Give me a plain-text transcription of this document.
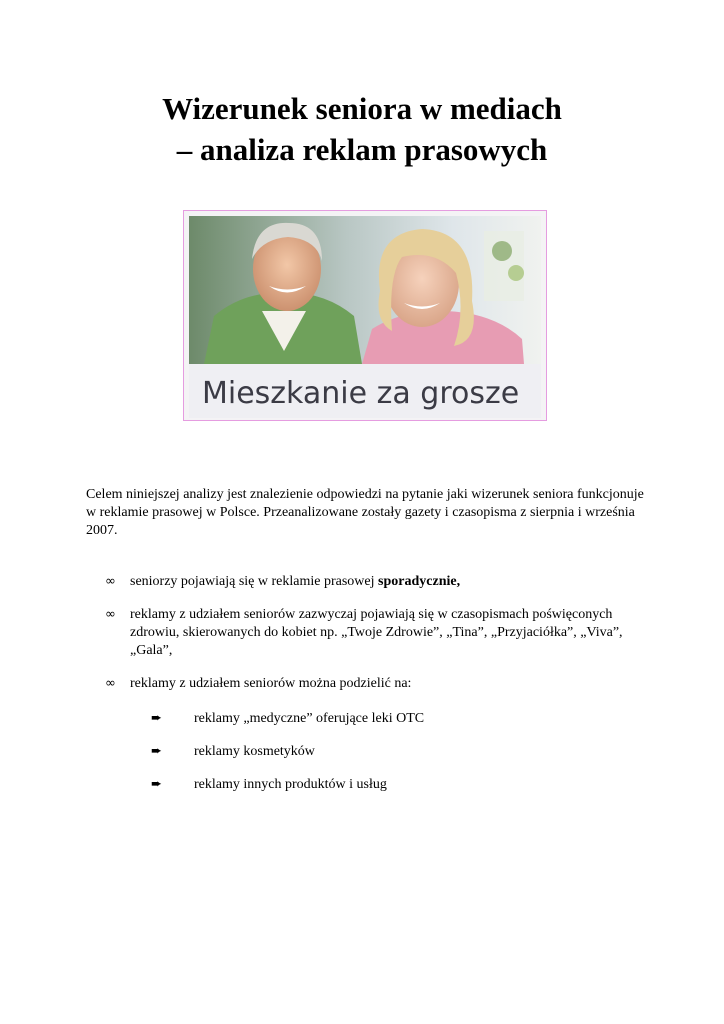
Wizerunek seniora w mediach
– analiza reklam prasowych
Mieszkanie za grosze

Celem niniejszej analizy jest znalezienie odpowiedzi na pytanie jaki wizerunek seniora funkcjonuje w reklamie prasowej w Polsce. Przeanalizowane zostały gazety i czasopisma z sierpnia i września 2007.

∞ seniorzy pojawiają się w reklamie prasowej sporadycznie,
∞ reklamy z udziałem seniorów zazwyczaj pojawiają się w czasopismach poświęconych zdrowiu, skierowanych do kobiet np. „Twoje Zdrowie”, „Tina”, „Przyjaciółka”, „Viva”, „Gala”,
∞ reklamy z udziałem seniorów można podzielić na:
➨ reklamy „medyczne” oferujące leki OTC
➨ reklamy kosmetyków
➨ reklamy innych produktów i usług
